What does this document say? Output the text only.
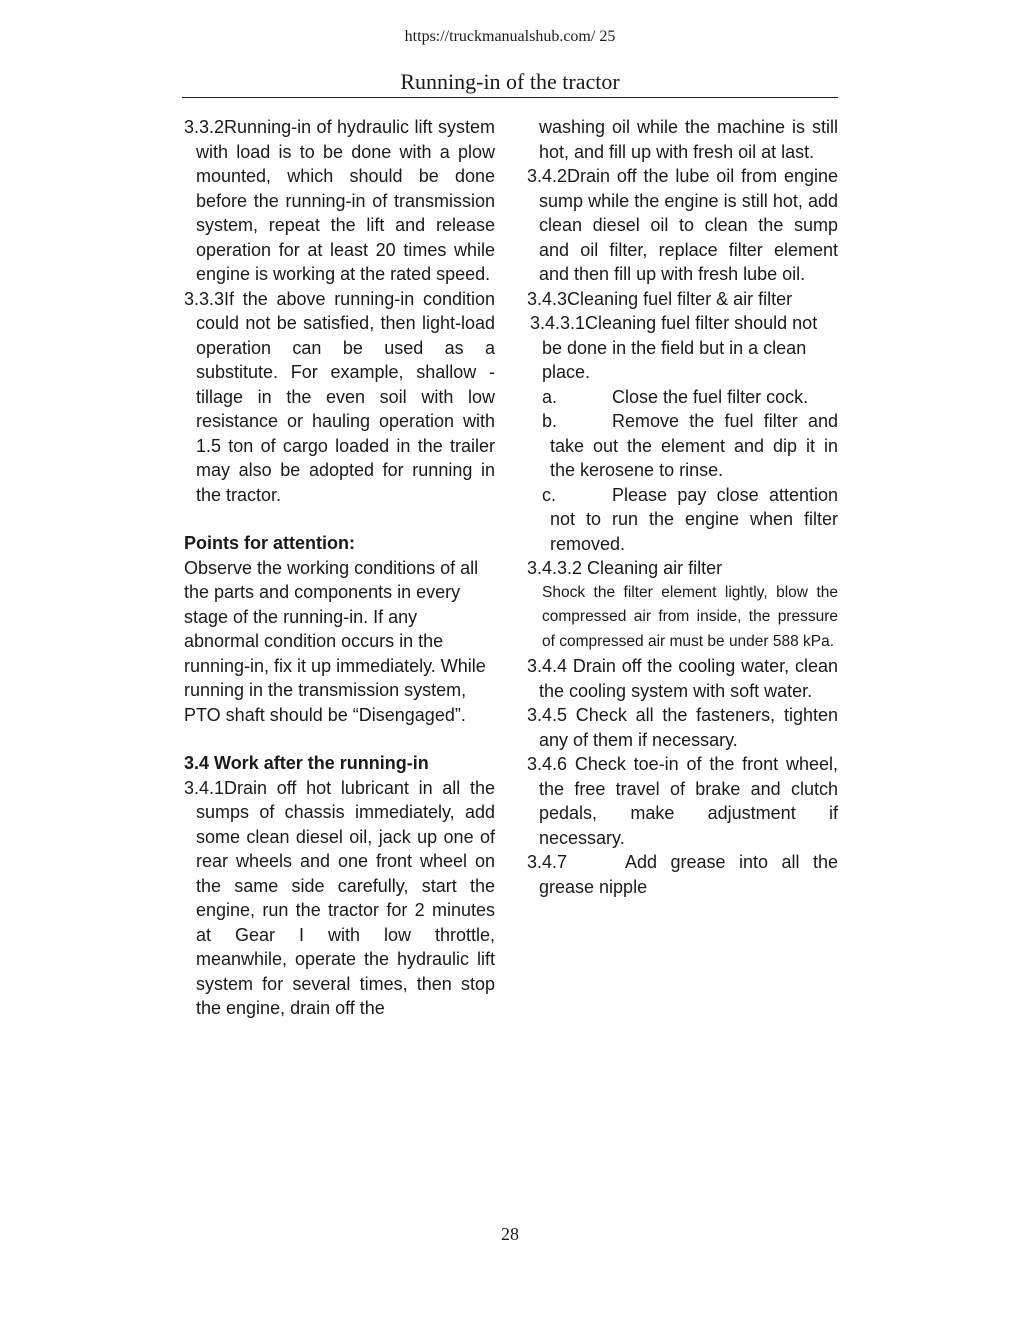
https://truckmanualshub.com/ 25
Running-in of the tractor

3.3.2Running-in of hydraulic lift system with load is to be done with a plow mounted, which should be done before the running-in of transmission system, repeat the lift and release operation for at least 20 times while engine is working at the rated speed.

3.3.3If the above running-in condition could not be satisfied, then light-load operation can be used as a substitute. For example, shallow -tillage in the even soil with low resistance or hauling operation with 1.5 ton of cargo loaded in the trailer may also be adopted for running in the tractor.

Points for attention:

Observe the working conditions of all the parts and components in every stage of the running-in. If any abnormal condition occurs in the running-in, fix it up immediately. While running in the transmission system, PTO shaft should be “Disengaged”.

3.4 Work after the running-in

3.4.1Drain off hot lubricant in all the sumps of chassis immediately, add some clean diesel oil, jack up one of rear wheels and one front wheel on the same side carefully, start the engine, run the tractor for 2 minutes at Gear I with low throttle, meanwhile, operate the hydraulic lift system for several times, then stop the engine, drain off the

washing oil while the machine is still hot, and fill up with fresh oil at last.

3.4.2Drain off the lube oil from engine sump while the engine is still hot, add clean diesel oil to clean the sump and oil filter, replace filter element and then fill up with fresh lube oil.

3.4.3Cleaning fuel filter & air filter

3.4.3.1Cleaning fuel filter should not be done in the field but in a clean place.

a.	Close the fuel filter cock.

b.	Remove the fuel filter and take out the element and dip it in the kerosene to rinse.

c.	Please pay close attention not to run the engine when filter removed.

3.4.3.2 Cleaning air filter

Shock the filter element lightly, blow the compressed air from inside, the pressure of compressed air must be under 588 kPa.

3.4.4 Drain off the cooling water, clean the cooling system with soft water.

3.4.5 Check all the fasteners, tighten any of them if necessary.

3.4.6 Check toe-in of the front wheel, the free travel of brake and clutch pedals, make adjustment if necessary.

3.4.7	Add grease into all the grease nipple

28
